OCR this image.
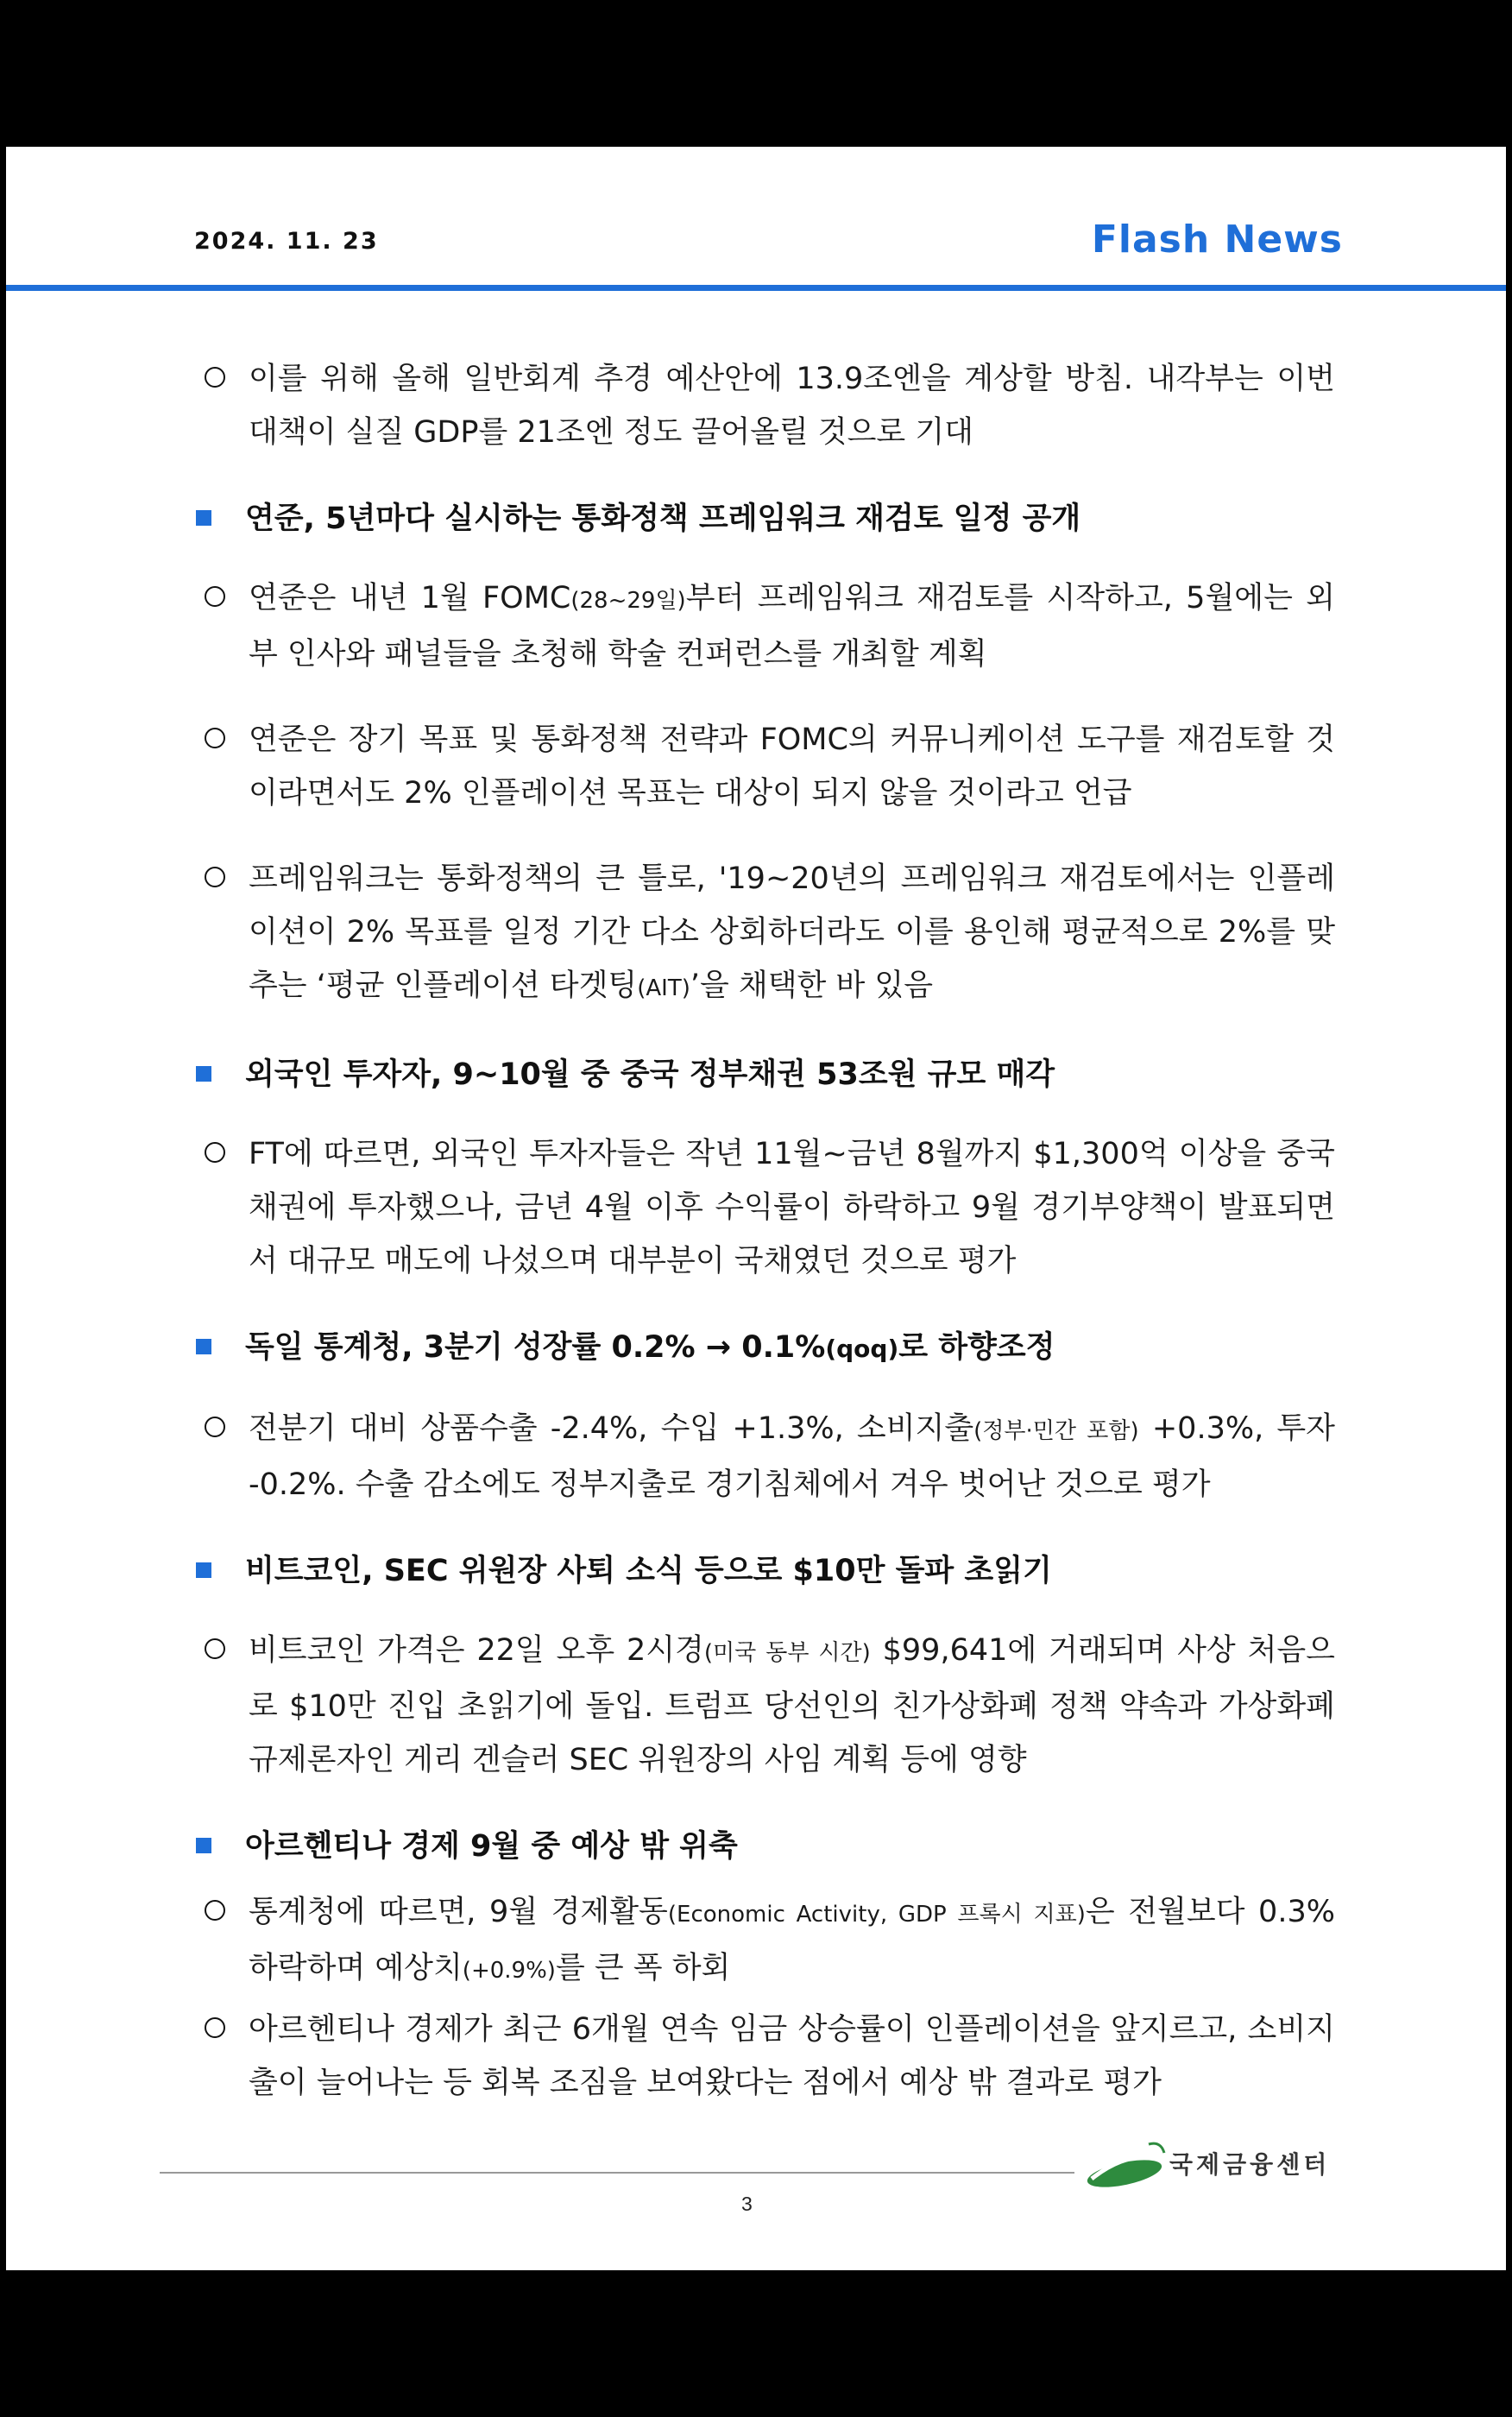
2024. 11. 23	Flash News
이를 위해 올해 일반회계 추경 예산안에 13.9조엔을 계상할 방침. 내각부는 이번 대책이 실질 GDP를 21조엔 정도 끌어올릴 것으로 기대
연준, 5년마다 실시하는 통화정책 프레임워크 재검토 일정 공개
연준은 내년 1월 FOMC(28~29일)부터 프레임워크 재검토를 시작하고, 5월에는 외부 인사와 패널들을 초청해 학술 컨퍼런스를 개최할 계획
연준은 장기 목표 및 통화정책 전략과 FOMC의 커뮤니케이션 도구를 재검토할 것이라면서도 2% 인플레이션 목표는 대상이 되지 않을 것이라고 언급
프레임워크는 통화정책의 큰 틀로, '19~20년의 프레임워크 재검토에서는 인플레이션이 2% 목표를 일정 기간 다소 상회하더라도 이를 용인해 평균적으로 2%를 맞추는 ‘평균 인플레이션 타겟팅(AIT)’을 채택한 바 있음
외국인 투자자, 9~10월 중 중국 정부채권 53조원 규모 매각
FT에 따르면, 외국인 투자자들은 작년 11월~금년 8월까지 $1,300억 이상을 중국 채권에 투자했으나, 금년 4월 이후 수익률이 하락하고 9월 경기부양책이 발표되면서 대규모 매도에 나섰으며 대부분이 국채였던 것으로 평가
독일 통계청, 3분기 성장률 0.2% → 0.1%(qoq)로 하향조정
전분기 대비 상품수출 -2.4%, 수입 +1.3%, 소비지출(정부·민간 포함) +0.3%, 투자 -0.2%. 수출 감소에도 정부지출로 경기침체에서 겨우 벗어난 것으로 평가
비트코인, SEC 위원장 사퇴 소식 등으로 $10만 돌파 초읽기
비트코인 가격은 22일 오후 2시경(미국 동부 시간) $99,641에 거래되며 사상 처음으로 $10만 진입 초읽기에 돌입. 트럼프 당선인의 친가상화폐 정책 약속과 가상화폐 규제론자인 게리 겐슬러 SEC 위원장의 사임 계획 등에 영향
아르헨티나 경제 9월 중 예상 밖 위축
통계청에 따르면, 9월 경제활동(Economic Activity, GDP 프록시 지표)은 전월보다 0.3% 하락하며 예상치(+0.9%)를 큰 폭 하회
아르헨티나 경제가 최근 6개월 연속 임금 상승률이 인플레이션을 앞지르고, 소비지출이 늘어나는 등 회복 조짐을 보여왔다는 점에서 예상 밖 결과로 평가
국제금융센터
3
